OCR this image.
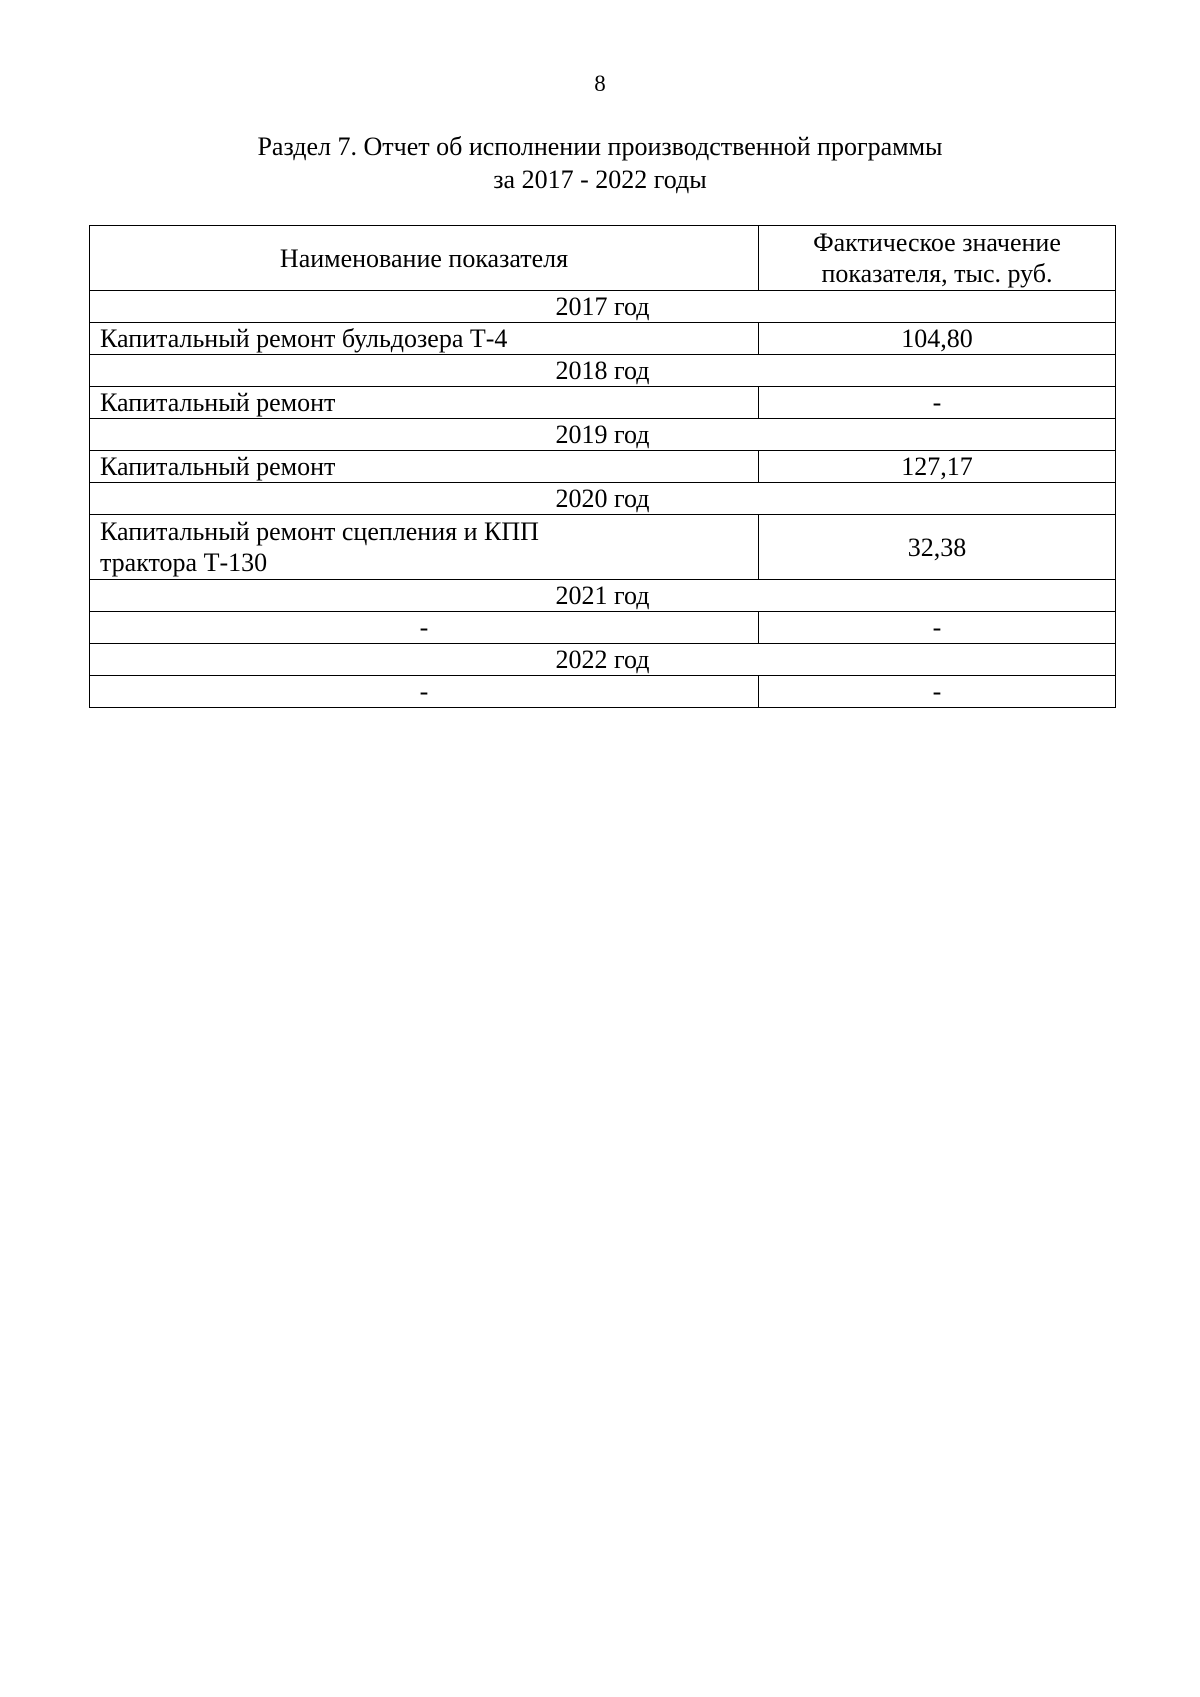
8
Раздел 7. Отчет об исполнении производственной программы
за 2017 - 2022 годы
Наименование показателя	Фактическое значение
показателя, тыс. руб.

2017 год	

Капитальный ремонт бульдозера Т-4	104,80
2018 год	

Капитальный ремонт	-
2019 год	

Капитальный ремонт	127,17
2020 год	

Капитальный ремонт сцепления и КПП
трактора Т-130	32,38
2021 год	

-	-
2022 год	

-	-
